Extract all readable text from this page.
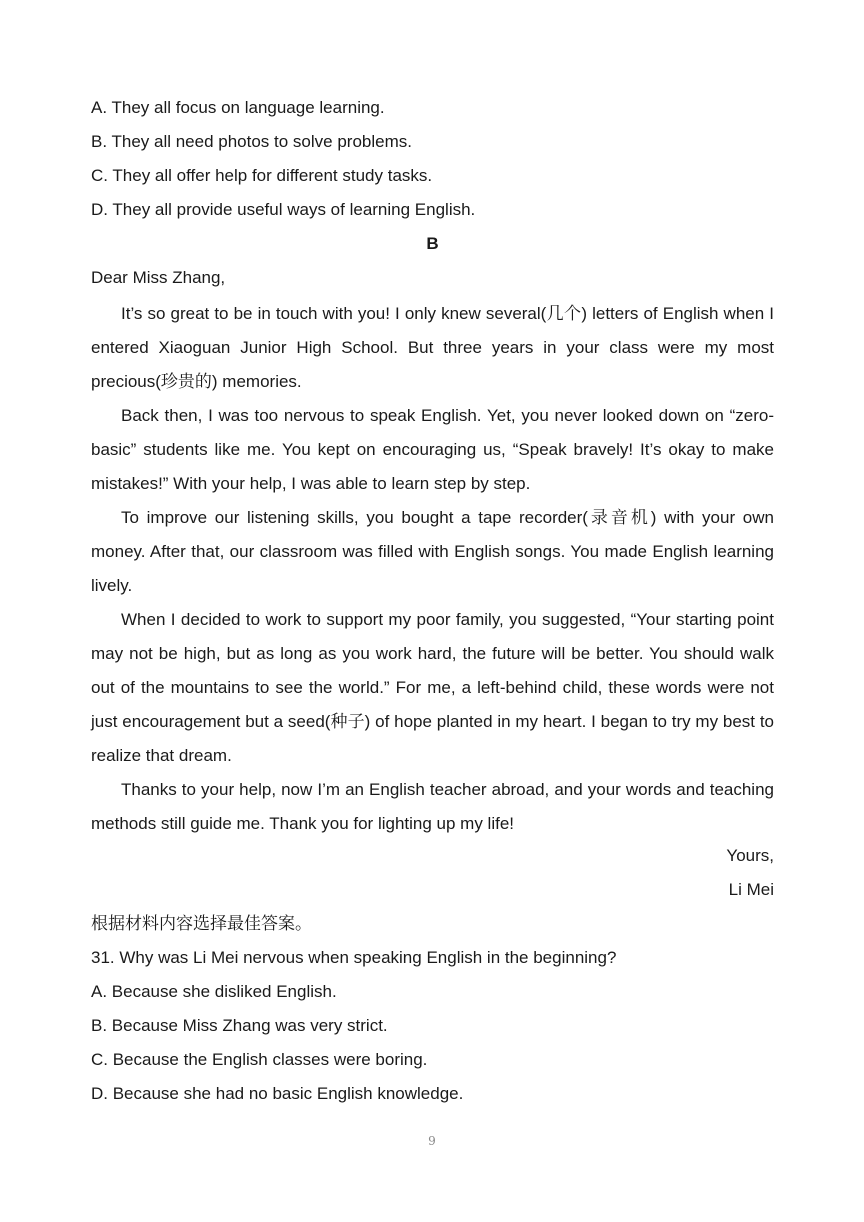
A. They all focus on language learning.
B. They all need photos to solve problems.
C. They all offer help for different study tasks.
D. They all provide useful ways of learning English.
B
Dear Miss Zhang,

It’s so great to be in touch with you! I only knew several(几个) letters of English when I entered Xiaoguan Junior High School. But three years in your class were my most precious(珍贵的) memories.

Back then, I was too nervous to speak English. Yet, you never looked down on “zero-basic” students like me. You kept on encouraging us, “Speak bravely! It’s okay to make mistakes!” With your help, I was able to learn step by step.

To improve our listening skills, you bought a tape recorder(录音机) with your own money. After that, our classroom was filled with English songs. You made English learning lively.

When I decided to work to support my poor family, you suggested, “Your starting point may not be high, but as long as you work hard, the future will be better. You should walk out of the mountains to see the world.” For me, a left-behind child, these words were not just encouragement but a seed(种子) of hope planted in my heart. I began to try my best to realize that dream.

Thanks to your help, now I’m an English teacher abroad, and your words and teaching methods still guide me. Thank you for lighting up my life!

Yours,
Li Mei
根据材料内容选择最佳答案。
31. Why was Li Mei nervous when speaking English in the beginning?
A. Because she disliked English.
B. Because Miss Zhang was very strict.
C. Because the English classes were boring.
D. Because she had no basic English knowledge.
9
